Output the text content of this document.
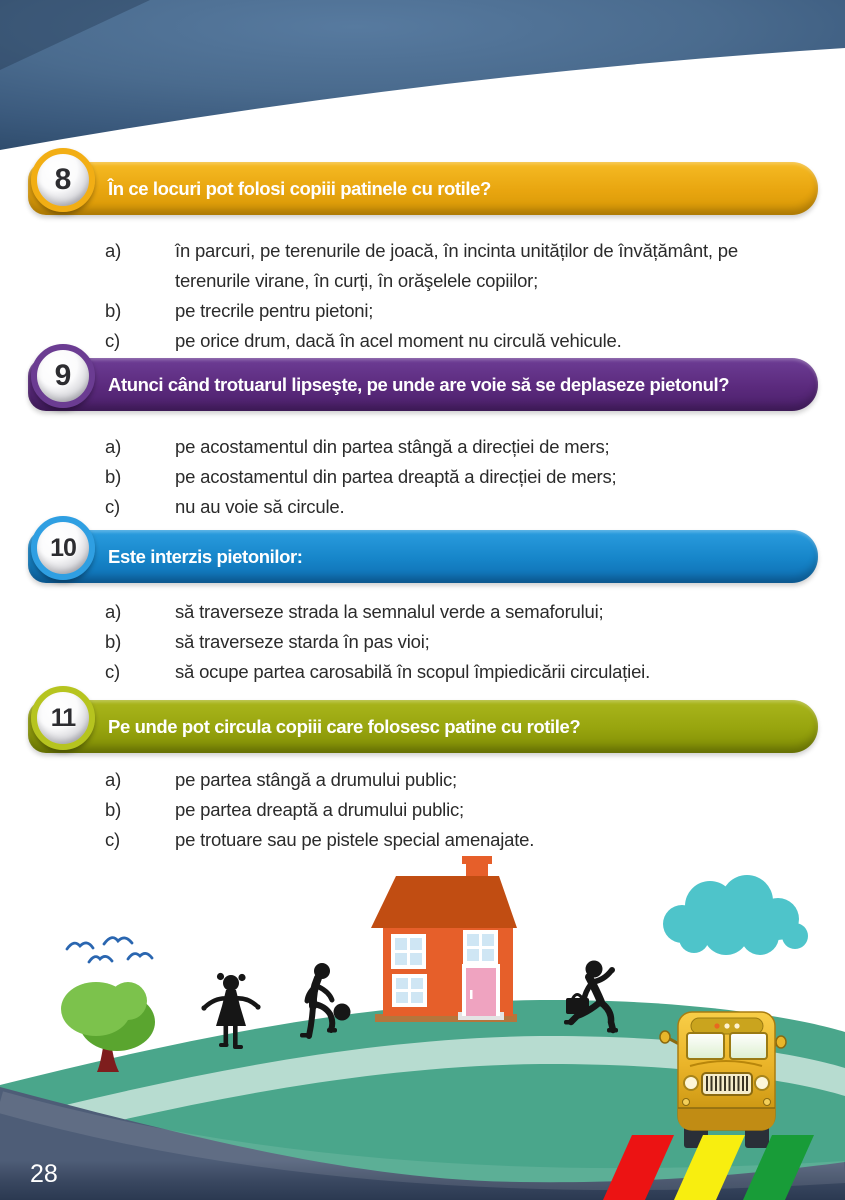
8	În ce locuri pot folosi copiii patinele cu rotile?
a)	în parcuri, pe terenurile de joacă, în incinta unităților de învățământ, pe terenurile virane, în curți, în orăşelele copiilor;
b)	pe trecrile pentru pietoni;
c)	pe orice drum, dacă în acel moment nu circulă vehicule.
9	Atunci când trotuarul lipseşte, pe unde are voie să se deplaseze pietonul?
a)	pe acostamentul din partea stângă a direcției de mers;
b)	pe acostamentul din partea dreaptă a direcției de mers;
c)	nu au voie să circule.
10	Este interzis pietonilor:
a)	să traverseze strada la semnalul verde a semaforului;
b)	să traverseze starda în pas vioi;
c)	să ocupe partea carosabilă în scopul împiedicării circulației.
11	Pe unde pot circula copiii care folosesc patine cu rotile?
a)	pe partea stângă a drumului public;
b)	pe partea dreaptă a drumului public;
c)	pe trotuare sau pe pistele special amenajate.
28
